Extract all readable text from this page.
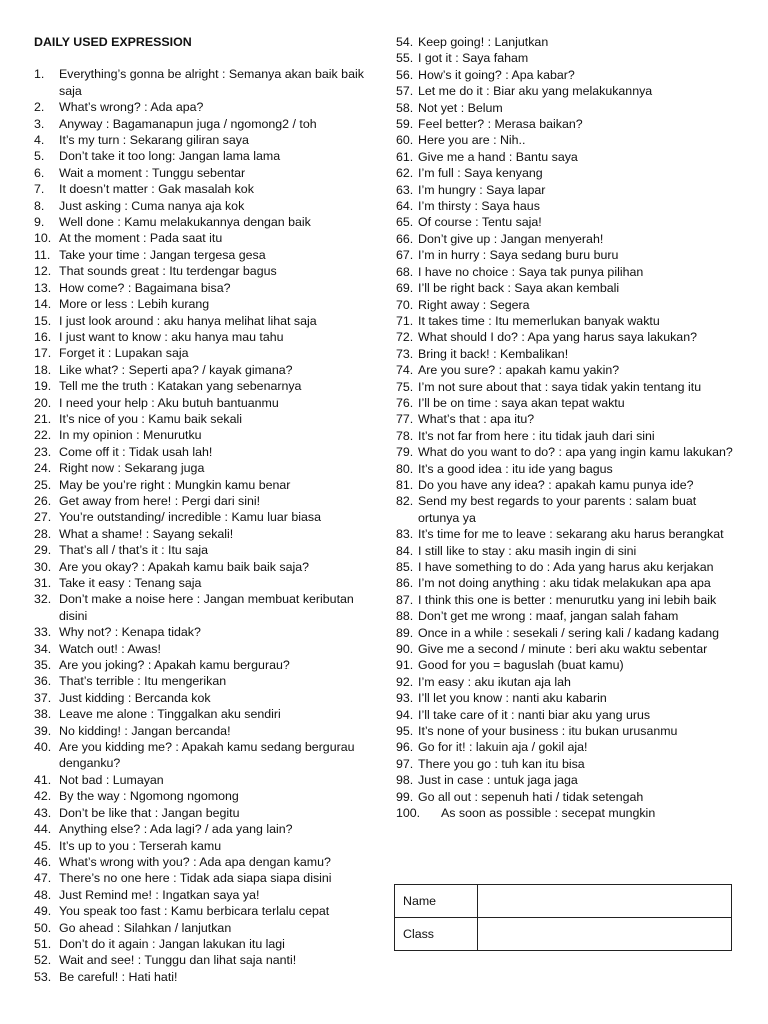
DAILY USED EXPRESSION
1. Everything’s gonna be alright : Semanya akan baik baik saja
2. What’s wrong? : Ada apa?
3. Anyway : Bagamanapun juga / ngomong2 / toh
4. It’s my turn : Sekarang giliran saya
5. Don’t take it too long: Jangan lama lama
6. Wait a moment : Tunggu sebentar
7. It doesn’t matter : Gak masalah kok
8. Just asking : Cuma nanya aja kok
9. Well done : Kamu melakukannya dengan baik
10. At the moment : Pada saat itu
11. Take your time : Jangan tergesa gesa
12. That sounds great : Itu terdengar bagus
13. How come? : Bagaimana bisa?
14. More or less : Lebih kurang
15. I just look around : aku hanya melihat lihat saja
16. I just want to know : aku hanya mau tahu
17. Forget it : Lupakan saja
18. Like what? : Seperti apa? / kayak gimana?
19. Tell me the truth : Katakan yang sebenarnya
20. I need your help : Aku butuh bantuanmu
21. It’s nice of you : Kamu baik sekali
22. In my opinion : Menurutku
23. Come off it : Tidak usah lah!
24. Right now : Sekarang juga
25. May be you’re right : Mungkin kamu benar
26. Get away from here! : Pergi dari sini!
27. You’re outstanding/ incredible : Kamu luar biasa
28. What a shame! : Sayang sekali!
29. That’s all / that’s it : Itu saja
30. Are you okay? : Apakah kamu baik baik saja?
31. Take it easy : Tenang saja
32. Don’t make a noise here : Jangan membuat keributan disini
33. Why not? : Kenapa tidak?
34. Watch out! : Awas!
35. Are you joking? : Apakah kamu bergurau?
36. That’s terrible : Itu mengerikan
37. Just kidding : Bercanda kok
38. Leave me alone : Tinggalkan aku sendiri
39. No kidding! : Jangan bercanda!
40. Are you kidding me? : Apakah kamu sedang bergurau denganku?
41. Not bad : Lumayan
42. By the way : Ngomong ngomong
43. Don’t be like that : Jangan begitu
44. Anything else? : Ada lagi? / ada yang lain?
45. It’s up to you : Terserah kamu
46. What’s wrong with you? : Ada apa dengan kamu?
47. There’s no one here : Tidak ada siapa siapa disini
48. Just Remind me! : Ingatkan saya ya!
49. You speak too fast : Kamu berbicara terlalu cepat
50. Go ahead : Silahkan / lanjutkan
51. Don’t do it again : Jangan lakukan itu lagi
52. Wait and see! : Tunggu dan lihat saja nanti!
53. Be careful! : Hati hati!
54. Keep going! : Lanjutkan
55. I got it : Saya faham
56. How’s it going? : Apa kabar?
57. Let me do it : Biar aku yang melakukannya
58. Not yet : Belum
59. Feel better? : Merasa baikan?
60. Here you are : Nih..
61. Give me a hand : Bantu saya
62. I’m full : Saya kenyang
63. I’m hungry : Saya lapar
64. I’m thirsty : Saya haus
65. Of course : Tentu saja!
66. Don’t give up : Jangan menyerah!
67. I’m in hurry : Saya sedang buru buru
68. I have no choice : Saya tak punya pilihan
69. I’ll be right back : Saya akan kembali
70. Right away : Segera
71. It takes time : Itu memerlukan banyak waktu
72. What should I do? : Apa yang harus saya lakukan?
73. Bring it back! : Kembalikan!
74. Are you sure? : apakah kamu yakin?
75. I’m not sure about that : saya tidak yakin tentang itu
76. I’ll be on time : saya akan tepat waktu
77. What’s that : apa itu?
78. It’s not far from here : itu tidak jauh dari sini
79. What do you want to do? : apa yang ingin kamu lakukan?
80. It’s a good idea : itu ide yang bagus
81. Do you have any idea? : apakah kamu punya ide?
82. Send my best regards to your parents : salam buat ortunya ya
83. It’s time for me to leave : sekarang aku harus berangkat
84. I still like to stay : aku masih ingin di sini
85. I have something to do : Ada yang harus aku kerjakan
86. I’m not doing anything : aku tidak melakukan apa apa
87. I think this one is better : menurutku yang ini lebih baik
88. Don’t get me wrong : maaf, jangan salah faham
89. Once in a while : sesekali / sering kali / kadang kadang
90. Give me a second / minute : beri aku waktu sebentar
91. Good for you = baguslah (buat kamu)
92. I’m easy : aku ikutan aja lah
93. I’ll let you know : nanti aku kabarin
94. I’ll take care of it : nanti biar aku yang urus
95. It’s none of your business : itu bukan urusanmu
96. Go for it! : lakuin aja / gokil aja!
97. There you go : tuh kan itu bisa
98. Just in case : untuk jaga jaga
99. Go all out : sepenuh hati / tidak setengah
100. As soon as possible : secepat mungkin
Name	
Class	
